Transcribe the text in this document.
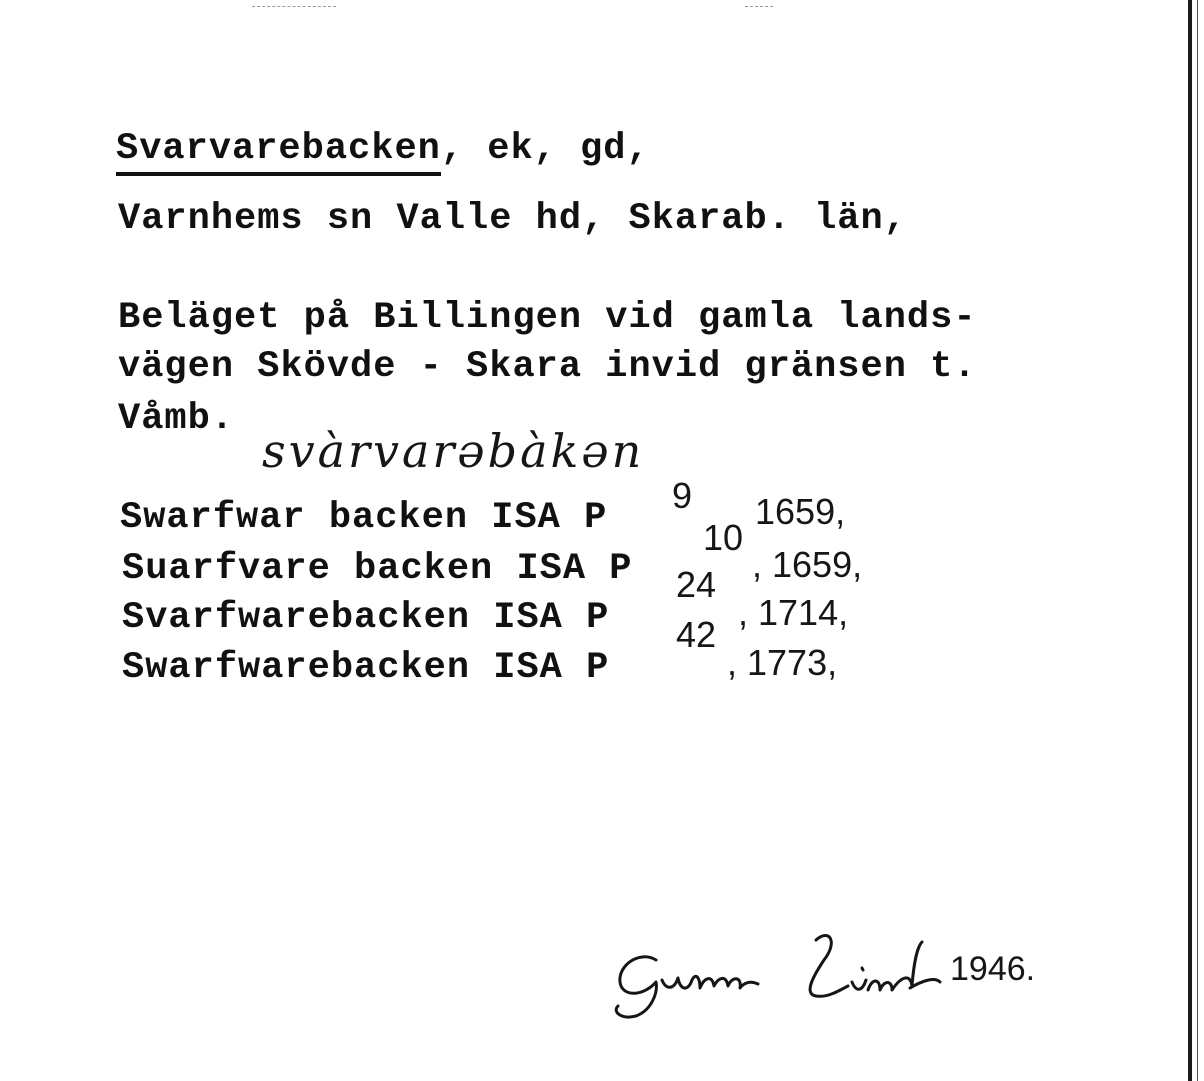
Svarvarebacken, ek, gd,
Varnhems sn Valle hd, Skarab. län,
Beläget på Billingen vid gamla lands-
vägen Skövde - Skara invid gränsen t.
Våmb.
svàrvarəbàkən
Swarfwar backen ISA P
9 1659,
Suarfvare backen ISA P
10
, 1659,
Svarfwarebacken ISA P
24
, 1714,
Swarfwarebacken ISA P
42
, 1773,
1946.
